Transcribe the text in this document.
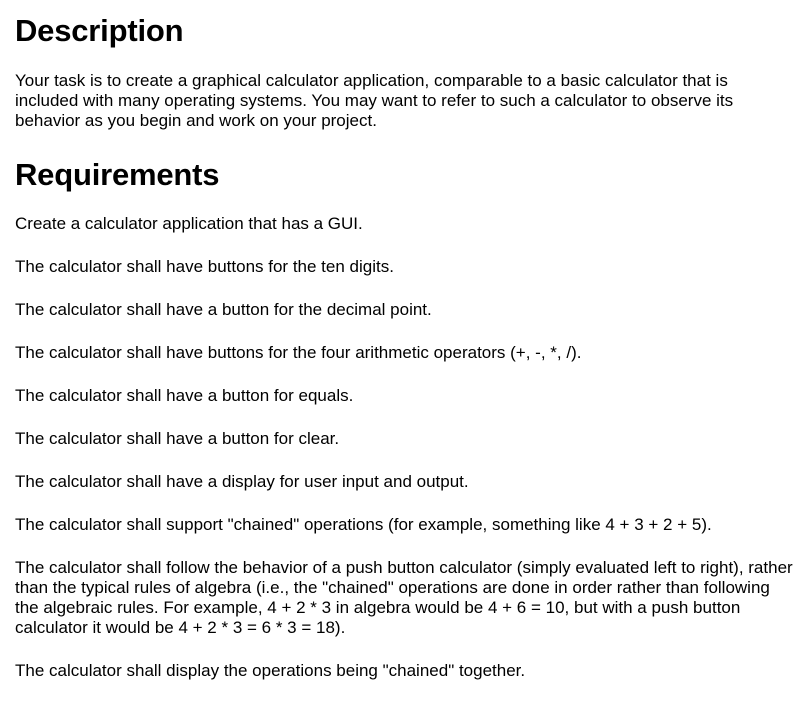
Description

Your task is to create a graphical calculator application, comparable to a basic calculator that is included with many operating systems. You may want to refer to such a calculator to observe its behavior as you begin and work on your project.

Requirements

Create a calculator application that has a GUI.

The calculator shall have buttons for the ten digits.

The calculator shall have a button for the decimal point.

The calculator shall have buttons for the four arithmetic operators (+, -, *, /).

The calculator shall have a button for equals.

The calculator shall have a button for clear.

The calculator shall have a display for user input and output.

The calculator shall support "chained" operations (for example, something like 4 + 3 + 2 + 5).

The calculator shall follow the behavior of a push button calculator (simply evaluated left to right), rather than the typical rules of algebra (i.e., the "chained" operations are done in order rather than following the algebraic rules. For example, 4 + 2 * 3 in algebra would be 4 + 6 = 10, but with a push button calculator it would be 4 + 2 * 3 = 6 * 3 = 18).

The calculator shall display the operations being "chained" together.
